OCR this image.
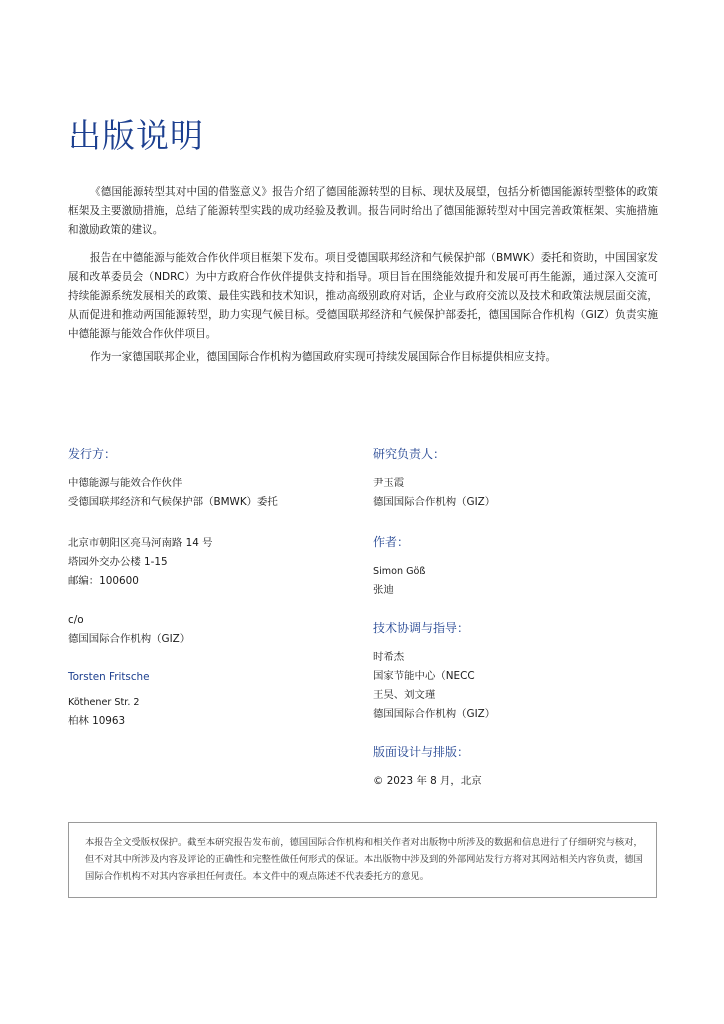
出版说明

《德国能源转型其对中国的借鉴意义》报告介绍了德国能源转型的目标、现状及展望，包括分析德国能源转型整体的政策框架及主要激励措施，总结了能源转型实践的成功经验及教训。报告同时给出了德国能源转型对中国完善政策框架、实施措施和激励政策的建议。

报告在中德能源与能效合作伙伴项目框架下发布。项目受德国联邦经济和气候保护部（BMWK）委托和资助，中国国家发展和改革委员会（NDRC）为中方政府合作伙伴提供支持和指导。项目旨在围绕能效提升和发展可再生能源，通过深入交流可持续能源系统发展相关的政策、最佳实践和技术知识，推动高级别政府对话，企业与政府交流以及技术和政策法规层面交流，从而促进和推动两国能源转型，助力实现气候目标。受德国联邦经济和气候保护部委托，德国国际合作机构（GIZ）负责实施中德能源与能效合作伙伴项目。

作为一家德国联邦企业，德国国际合作机构为德国政府实现可持续发展国际合作目标提供相应支持。

发行方：

中德能源与能效合作伙伴

受德国联邦经济和气候保护部（BMWK）委托

北京市朝阳区亮马河南路 14 号

塔园外交办公楼 1-15

邮编：100600

c/o

德国国际合作机构（GIZ）

Torsten Fritsche

Köthener Str. 2

柏林 10963

研究负责人：

尹玉霞

德国国际合作机构（GIZ）

作者：

Simon Göß

张迪

技术协调与指导：

时希杰

国家节能中心（NECC

王昊、刘文瑾

德国国际合作机构（GIZ）

版面设计与排版：

© 2023 年 8 月，北京

本报告全文受版权保护。截至本研究报告发布前，德国国际合作机构和相关作者对出版物中所涉及的数据和信息进行了仔细研究与核对，但不对其中所涉及内容及评论的正确性和完整性做任何形式的保证。本出版物中涉及到的外部网站发行方将对其网站相关内容负责，德国国际合作机构不对其内容承担任何责任。本文件中的观点陈述不代表委托方的意见。
